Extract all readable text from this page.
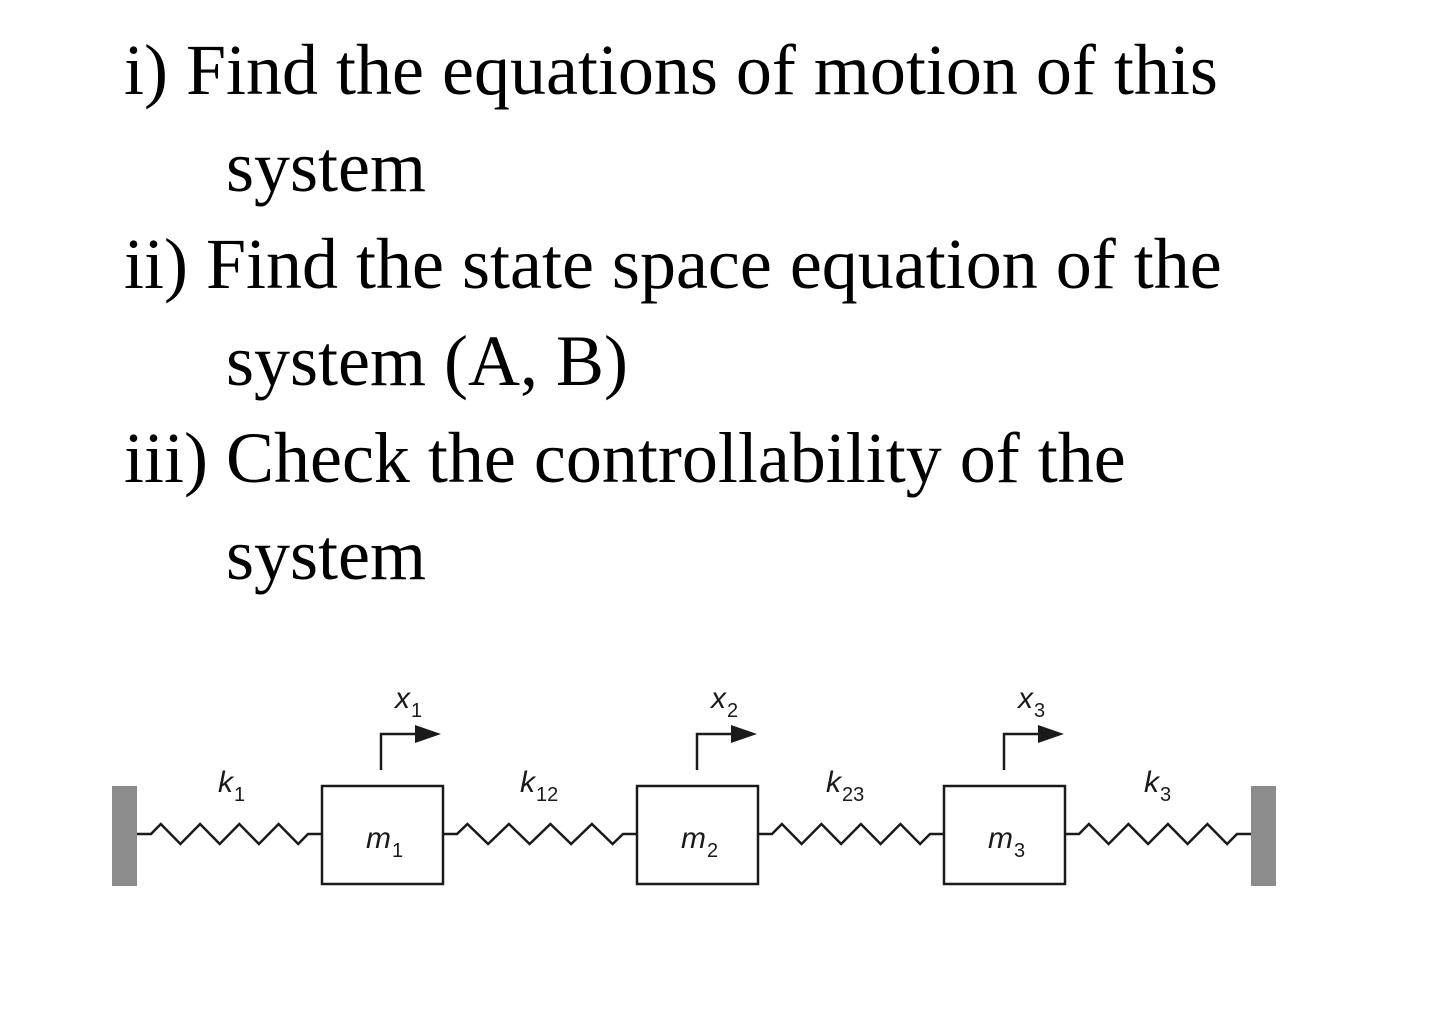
i) Find the equations of motion of this

system

ii) Find the state space equation of the

system (A, B)

iii) Check the controllability of the

system

$m_1$	$m_2$	$m_3$
$k_1$	$k_{12}$	$k_{23}$	$k_3$
$x_1$	$x_2$	$x_3$
